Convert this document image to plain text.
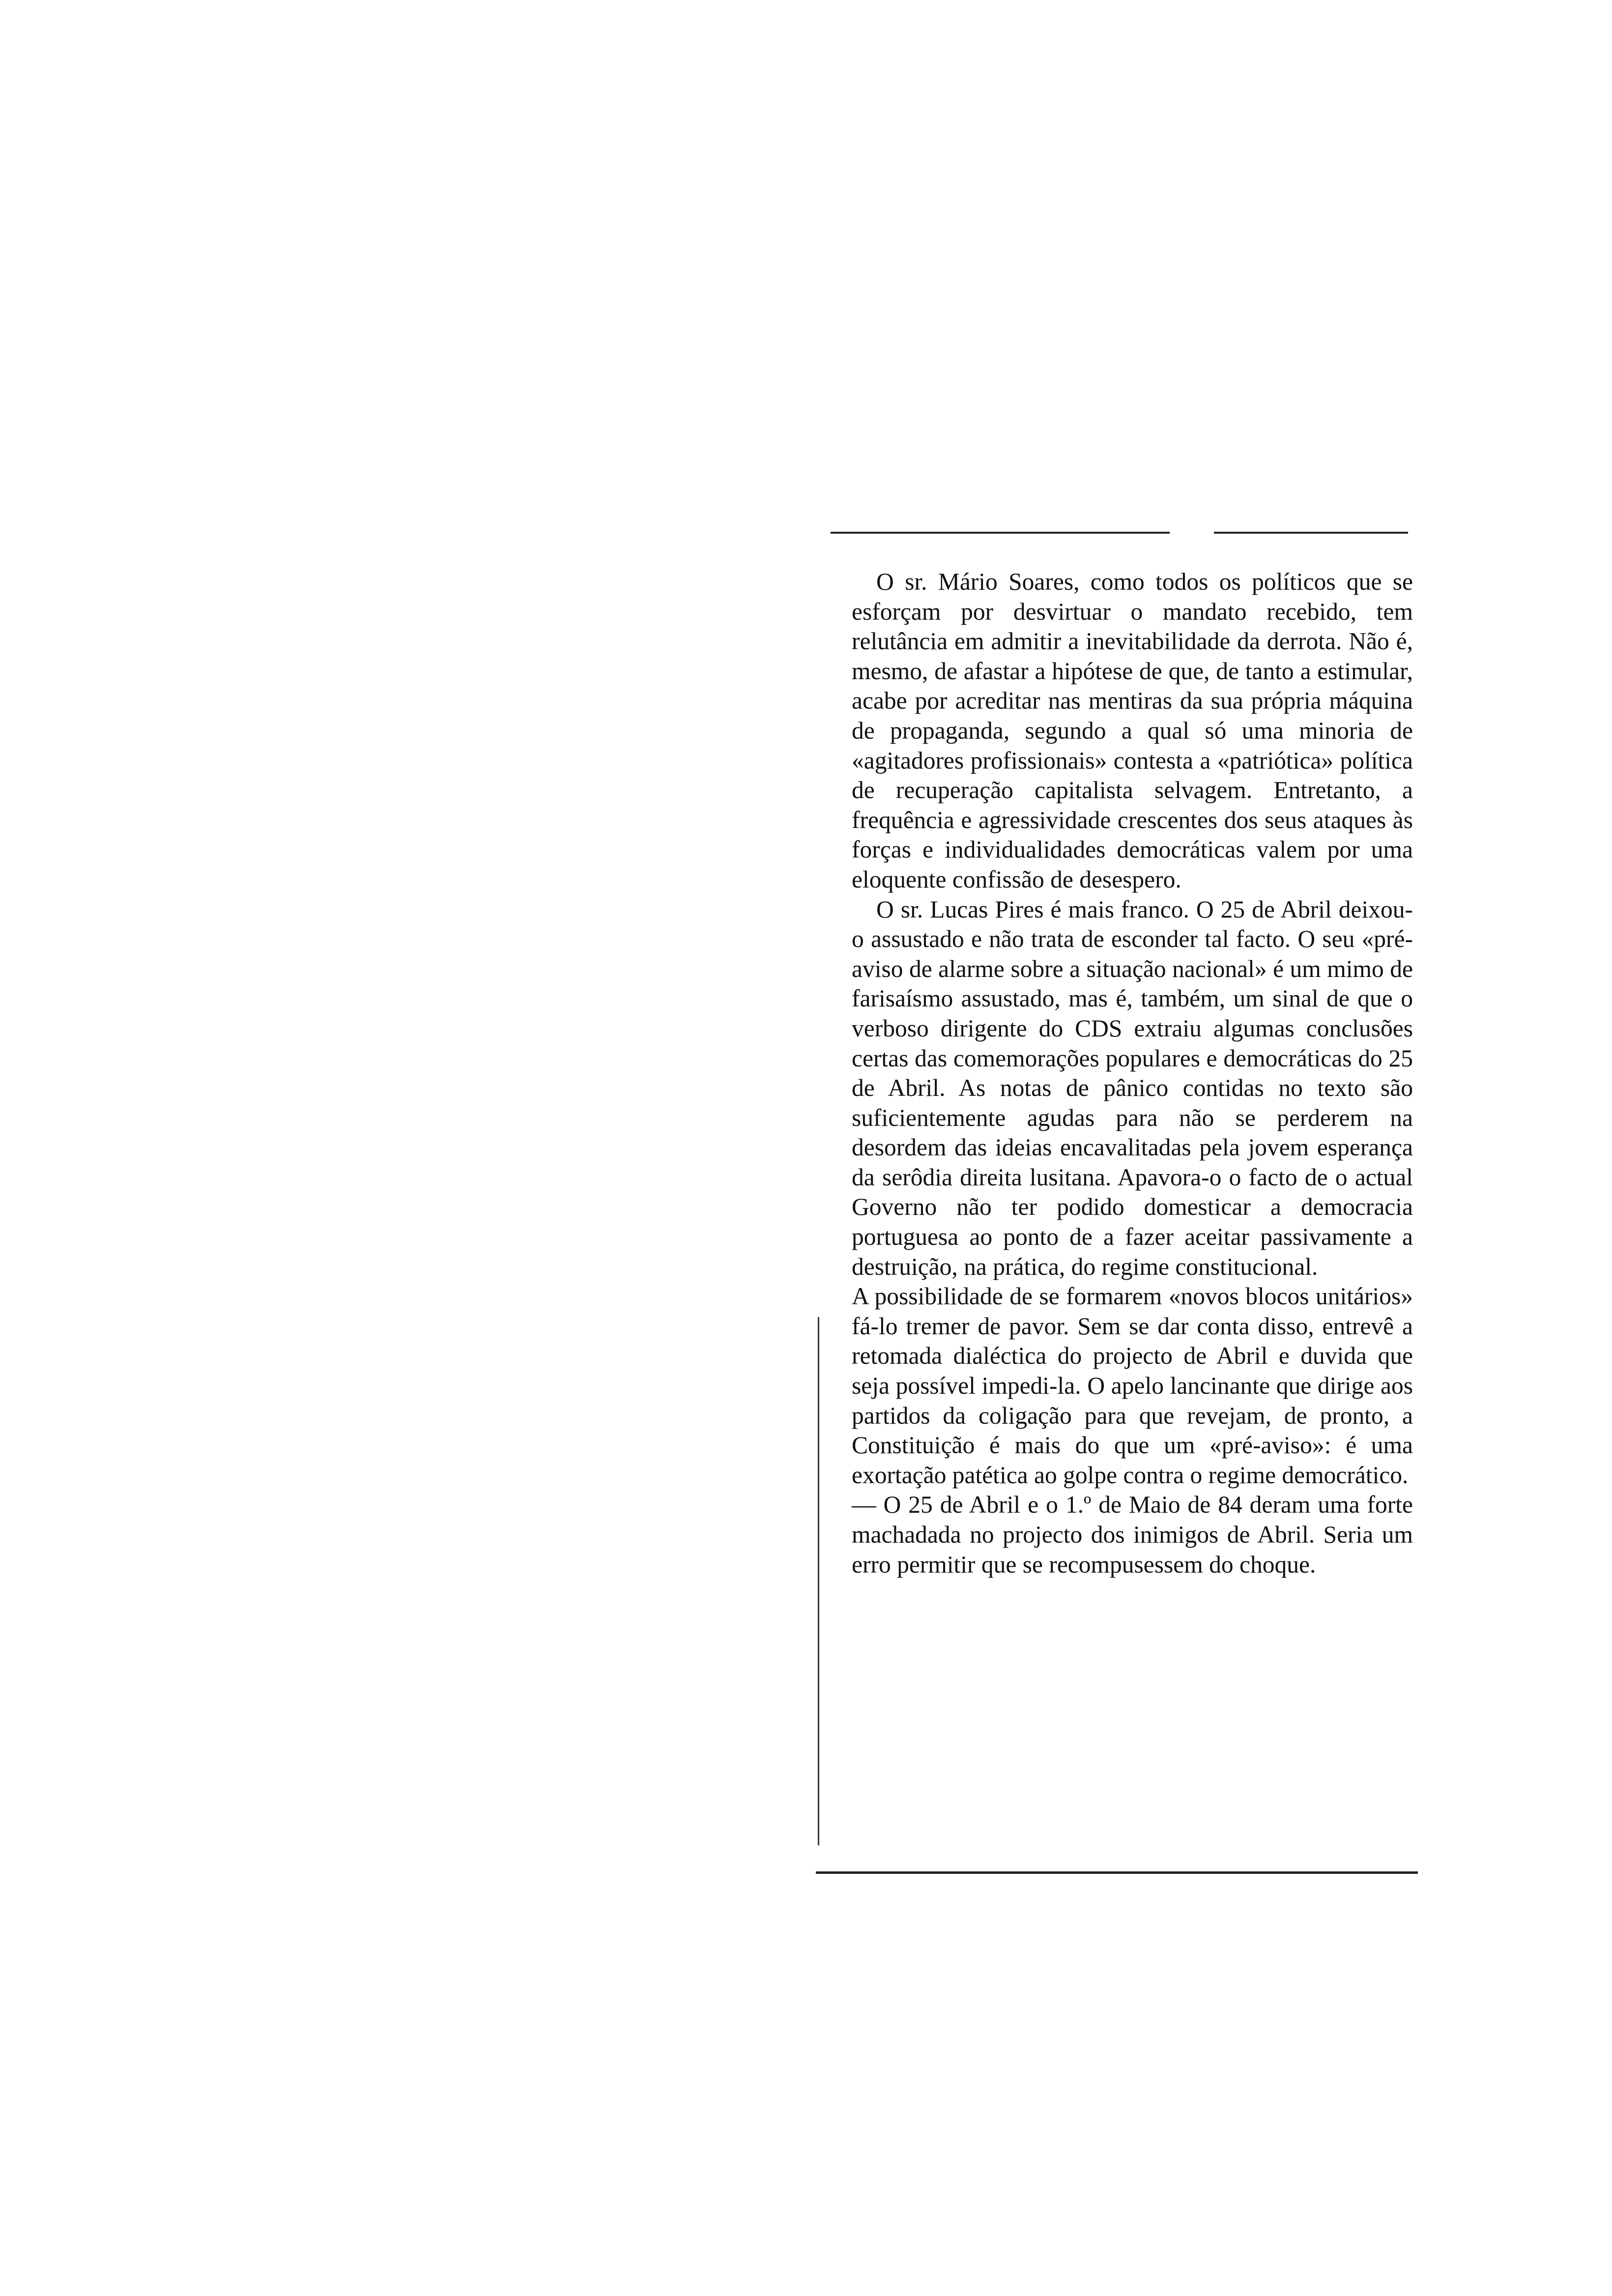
O sr. Mário Soares, como todos os políticos que se esforçam por desvirtuar o mandato recebido, tem relutância em admitir a inevitabilidade da derrota. Não é, mesmo, de afastar a hipótese de que, de tanto a estimular, acabe por acreditar nas mentiras da sua própria máquina de propaganda, segundo a qual só uma minoria de «agitadores profissionais» contesta a «patriótica» política de recuperação capitalista selvagem. Entretanto, a frequência e agressividade crescentes dos seus ataques às forças e individualidades democráticas valem por uma eloquente confissão de desespero.

O sr. Lucas Pires é mais franco. O 25 de Abril deixou-o assustado e não trata de esconder tal facto. O seu «pré-aviso de alarme sobre a situação nacional» é um mimo de farisaísmo assustado, mas é, também, um sinal de que o verboso dirigente do CDS extraiu algumas conclusões certas das comemorações populares e democráticas do 25 de Abril. As notas de pânico contidas no texto são suficientemente agudas para não se perderem na desordem das ideias encavalitadas pela jovem esperança da serôdia direita lusitana. Apavora-o o facto de o actual Governo não ter podido domesticar a democracia portuguesa ao ponto de a fazer aceitar passivamente a destruição, na prática, do regime constitucional.

A possibilidade de se formarem «novos blocos unitários» fá-lo tremer de pavor. Sem se dar conta disso, entrevê a retomada dialéctica do projecto de Abril e duvida que seja possível impedi-la. O apelo lancinante que dirige aos partidos da coligação para que revejam, de pronto, a Constituição é mais do que um «pré-aviso»: é uma exortação patética ao golpe contra o regime democrático.

— O 25 de Abril e o 1.º de Maio de 84 deram uma forte machadada no projecto dos inimigos de Abril. Seria um erro permitir que se recompusessem do choque.
